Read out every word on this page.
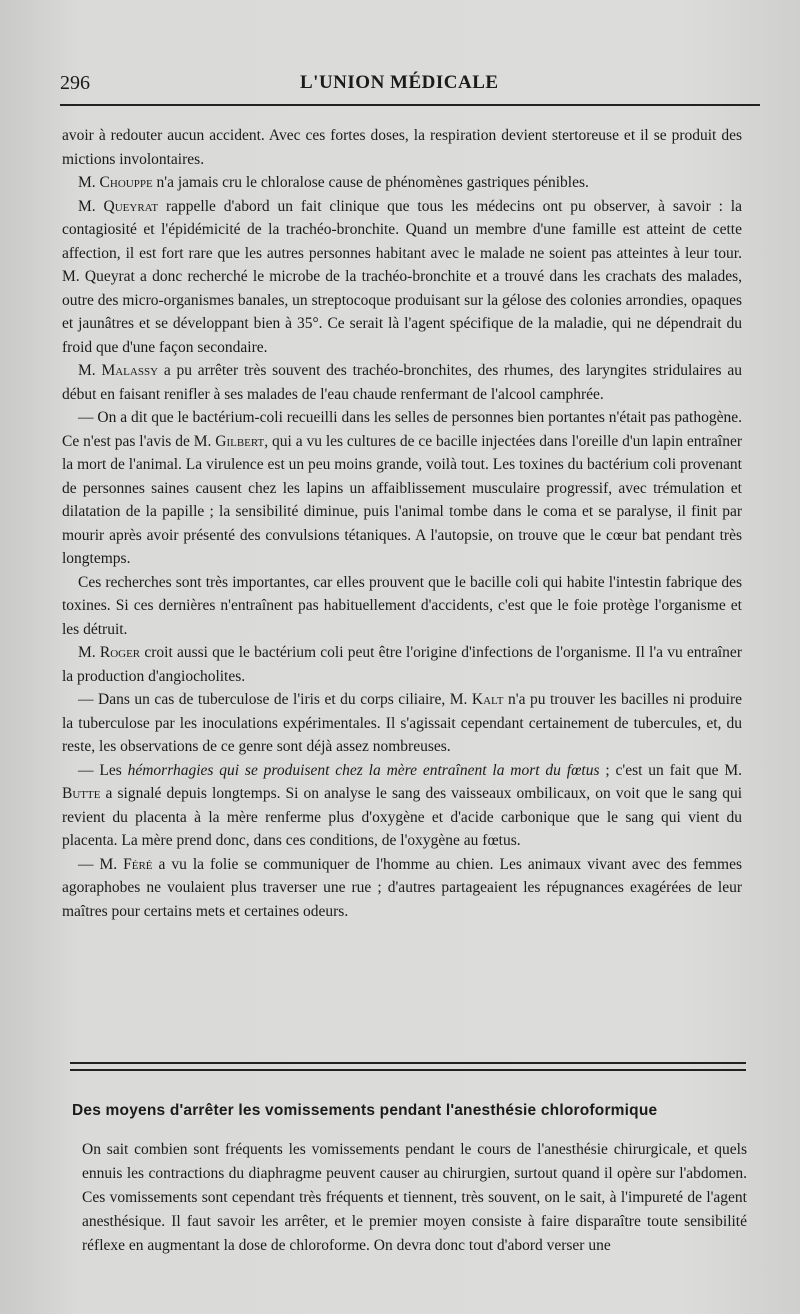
296	L'UNION MÉDICALE

avoir à redouter aucun accident. Avec ces fortes doses, la respiration devient stertoreuse et il se produit des mictions involontaires.

M. Chouppe n'a jamais cru le chloralose cause de phénomènes gastriques pénibles.

M. Queyrat rappelle d'abord un fait clinique que tous les médecins ont pu observer, à savoir : la contagiosité et l'épidémicité de la trachéo-bronchite. Quand un membre d'une famille est atteint de cette affection, il est fort rare que les autres personnes habitant avec le malade ne soient pas atteintes à leur tour. M. Queyrat a donc recherché le microbe de la trachéo-bronchite et a trouvé dans les crachats des malades, outre des micro-organismes banales, un streptocoque produisant sur la gélose des colonies arrondies, opaques et jaunâtres et se développant bien à 35°. Ce serait là l'agent spécifique de la maladie, qui ne dépendrait du froid que d'une façon secondaire.

M. Malassy a pu arrêter très souvent des trachéo-bronchites, des rhumes, des laryngites stridulaires au début en faisant renifler à ses malades de l'eau chaude renfermant de l'alcool camphrée.

— On a dit que le bactérium-coli recueilli dans les selles de personnes bien portantes n'était pas pathogène. Ce n'est pas l'avis de M. Gilbert, qui a vu les cultures de ce bacille injectées dans l'oreille d'un lapin entraîner la mort de l'animal. La virulence est un peu moins grande, voilà tout. Les toxines du bactérium coli provenant de personnes saines causent chez les lapins un affaiblissement musculaire progressif, avec trémulation et dilatation de la papille ; la sensibilité diminue, puis l'animal tombe dans le coma et se paralyse, il finit par mourir après avoir présenté des convulsions tétaniques. A l'autopsie, on trouve que le cœur bat pendant très longtemps.

Ces recherches sont très importantes, car elles prouvent que le bacille coli qui habite l'intestin fabrique des toxines. Si ces dernières n'entraînent pas habituellement d'accidents, c'est que le foie protège l'organisme et les détruit.

M. Roger croit aussi que le bactérium coli peut être l'origine d'infections de l'organisme. Il l'a vu entraîner la production d'angiocholites.

— Dans un cas de tuberculose de l'iris et du corps ciliaire, M. Kalt n'a pu trouver les bacilles ni produire la tuberculose par les inoculations expérimentales. Il s'agissait cependant certainement de tubercules, et, du reste, les observations de ce genre sont déjà assez nombreuses.

— Les hémorrhagies qui se produisent chez la mère entraînent la mort du fœtus ; c'est un fait que M. Butte a signalé depuis longtemps. Si on analyse le sang des vaisseaux ombilicaux, on voit que le sang qui revient du placenta à la mère renferme plus d'oxygène et d'acide carbonique que le sang qui vient du placenta. La mère prend donc, dans ces conditions, de l'oxygène au fœtus.

— M. Féré a vu la folie se communiquer de l'homme au chien. Les animaux vivant avec des femmes agoraphobes ne voulaient plus traverser une rue ; d'autres partageaient les répugnances exagérées de leur maîtres pour certains mets et certaines odeurs.

Des moyens d'arrêter les vomissements pendant l'anesthésie chloroformique

On sait combien sont fréquents les vomissements pendant le cours de l'anesthésie chirurgicale, et quels ennuis les contractions du diaphragme peuvent causer au chirurgien, surtout quand il opère sur l'abdomen. Ces vomissements sont cependant très fréquents et tiennent, très souvent, on le sait, à l'impureté de l'agent anesthésique. Il faut savoir les arrêter, et le premier moyen consiste à faire disparaître toute sensibilité réflexe en augmentant la dose de chloroforme. On devra donc tout d'abord verser une
